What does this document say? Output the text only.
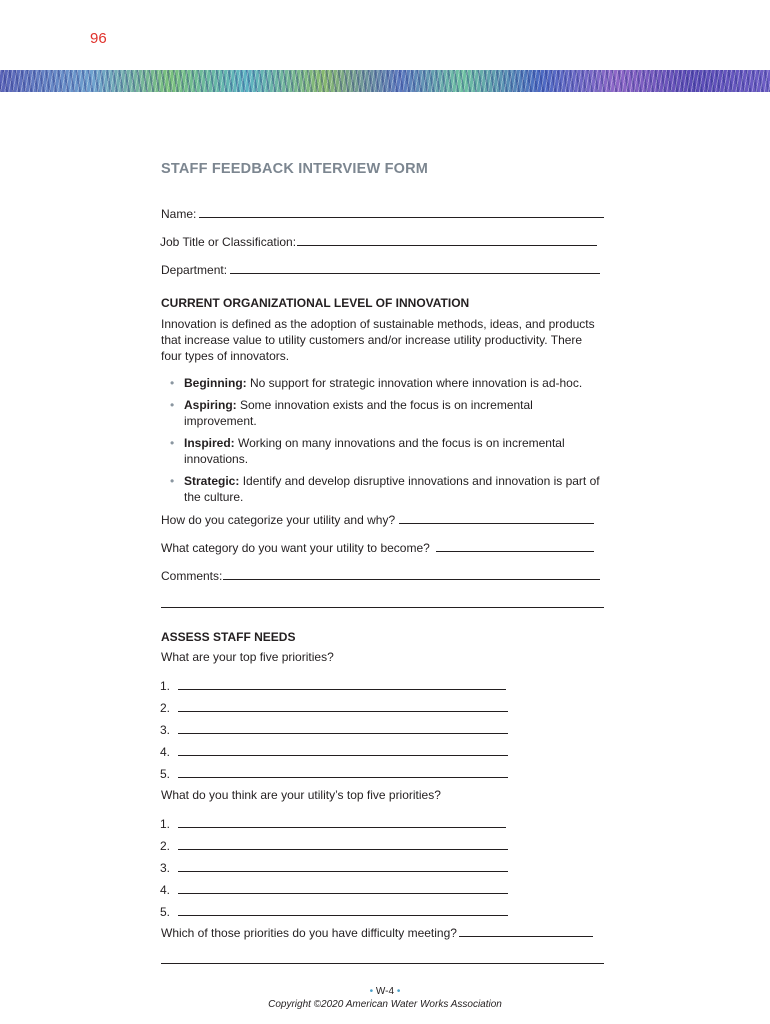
96
STAFF FEEDBACK INTERVIEW FORM
Name:
Job Title or Classification:
Department:
CURRENT ORGANIZATIONAL LEVEL OF INNOVATION
Innovation is defined as the adoption of sustainable methods, ideas, and products that increase value to utility customers and/or increase utility productivity. There four types of innovators.
• Beginning: No support for strategic innovation where innovation is ad-hoc.
• Aspiring: Some innovation exists and the focus is on incremental improvement.
• Inspired: Working on many innovations and the focus is on incremental innovations.
• Strategic: Identify and develop disruptive innovations and innovation is part of the culture.
How do you categorize your utility and why?
What category do you want your utility to become?
Comments:
ASSESS STAFF NEEDS
What are your top five priorities?
1.
2.
3.
4.
5.
What do you think are your utility’s top five priorities?
1.
2.
3.
4.
5.
Which of those priorities do you have difficulty meeting?
• W-4 •
Copyright ©2020 American Water Works Association
